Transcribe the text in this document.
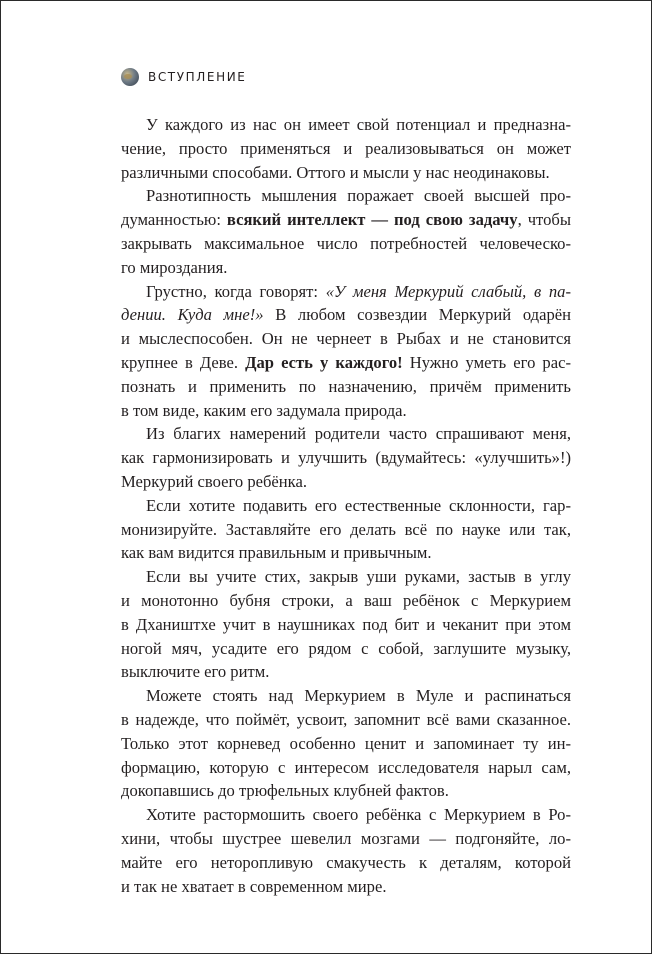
ВСТУПЛЕНИЕ
У каждого из нас он имеет свой потенциал и предназна-
чение, просто применяться и реализовываться он может
различными способами. Оттого и мысли у нас неодинаковы.
Разнотипность мышления поражает своей высшей про-
думанностью: всякий интеллект — под свою задачу, чтобы
закрывать максимальное число потребностей человеческо-
го мироздания.
Грустно, когда говорят: «У меня Меркурий слабый, в па-
дении. Куда мне!» В любом созвездии Меркурий одарён
и мыслеспособен. Он не чернеет в Рыбах и не становится
крупнее в Деве. Дар есть у каждого! Нужно уметь его рас-
познать и применить по назначению, причём применить
в том виде, каким его задумала природа.
Из благих намерений родители часто спрашивают меня,
как гармонизировать и улучшить (вдумайтесь: «улучшить»!)
Меркурий своего ребёнка.
Если хотите подавить его естественные склонности, гар-
монизируйте. Заставляйте его делать всё по науке или так,
как вам видится правильным и привычным.
Если вы учите стих, закрыв уши руками, застыв в углу
и монотонно бубня строки, а ваш ребёнок с Меркурием
в Дхаништхе учит в наушниках под бит и чеканит при этом
ногой мяч, усадите его рядом с собой, заглушите музыку,
выключите его ритм.
Можете стоять над Меркурием в Муле и распинаться
в надежде, что поймёт, усвоит, запомнит всё вами сказанное.
Только этот корневед особенно ценит и запоминает ту ин-
формацию, которую с интересом исследователя нарыл сам,
докопавшись до трюфельных клубней фактов.
Хотите растормошить своего ребёнка с Меркурием в Ро-
хини, чтобы шустрее шевелил мозгами — подгоняйте, ло-
майте его неторопливую смакучесть к деталям, которой
и так не хватает в современном мире.
